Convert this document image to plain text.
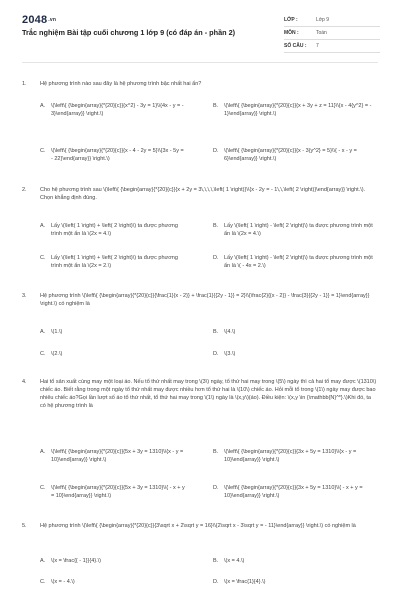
2048.vn
Trắc nghiệm Bài tập cuối chương 1 lớp 9 (có đáp án - phần 2)
LỚP :	Lớp 9
MÔN :	Toán
SỐ CÂU :	7
1.	Hệ phương trình nào sau đây là hệ phương trình bậc nhất hai ẩn?
A. \(\left\{ {\begin{array}{*{20}{c}}{x^2} - 3y = 1}\\{4x - y = - 3}\end{array}} \right.\)
B. \(\left\{ {\begin{array}{*{20}{c}}{x + 3y + z = 11}\\{x - 4{y^2} = - 1}\end{array}} \right.\)
C. \(\left\{ {\begin{array}{*{20}{c}}{x - 4 - 2y = 5}\\{3x - 5y = - 22}\end{array}} \right.\)
D. \(\left\{ {\begin{array}{*{20}{c}}{x - 3{y^2} = 5}\\{ - x - y = 6}\end{array}} \right.\)
2.	Cho hệ phương trình sau \(\left\{ {\begin{array}{*{20}{c}}{x + 2y = 3\,\,\,\,\left( 1 \right)}\\{x - 2y = - 1\,\,\left( 2 \right)}\end{array}} \right.\). Chọn khẳng định đúng.
A. Lấy \(\left( 1 \right) + \left( 2 \right)\) ta được phương trình một ẩn là \(2x = 4.\)
B. Lấy \(\left( 1 \right) - \left( 2 \right)\) ta được phương trình một ẩn là \(2x = 4.\)
C. Lấy \(\left( 1 \right) + \left( 2 \right)\) ta được phương trình một ẩn là \(2x = 2.\)
D. Lấy \(\left( 1 \right) - \left( 2 \right)\) ta được phương trình một ẩn là \( - 4x = 2.\)
3.	Hệ phương trình \(\left\{ {\begin{array}{*{20}{c}}{\frac{1}{x - 2}} + \frac{1}{{2y - 1}} = 2}\\{\frac{2}{{x - 2}} - \frac{3}{{2y - 1}} = 1}\end{array}} \right.\) có nghiệm là
A. \(1.\)	B. \(4.\)
C. \(2.\)	D. \(3.\)
4.	Hai tổ sản xuất cùng may một loại áo. Nếu tổ thứ nhất may trong \(3\) ngày, tổ thứ hai may trong \(5\) ngày thì cả hai tổ may được \(1310\) chiếc áo. Biết rằng trong một ngày tổ thứ nhất may được nhiều hơn tổ thứ hai là \(10\) chiếc áo. Hỏi mỗi tổ trong \(1\) ngày may được bao nhiêu chiếc áo?Gọi lần lượt số áo tổ thứ nhất, tổ thứ hai may trong \(1\) ngày là \(x,y\)(áo). Điều kiện: \(x,y \in {\mathbb{N}^*}.\)Khi đó, ta có hệ phương trình là
A. \(\left\{ {\begin{array}{*{20}{c}}{5x + 3y = 1310}\\{x - y = 10}\end{array}} \right.\)
B. \(\left\{ {\begin{array}{*{20}{c}}{3x + 5y = 1310}\\{x - y = 10}\end{array}} \right.\)
C. \(\left\{ {\begin{array}{*{20}{c}}{5x + 3y = 1310}\\{ - x + y = 10}\end{array}} \right.\)
D. \(\left\{ {\begin{array}{*{20}{c}}{3x + 5y = 1310}\\{ - x + y = 10}\end{array}} \right.\)
5.	Hệ phương trình \(\left\{ {\begin{array}{*{20}{c}}{3\sqrt x + 2\sqrt y = 16}\\{2\sqrt x - 3\sqrt y = - 11}\end{array}} \right.\) có nghiệm là
A. \(x = \frac{{ - 1}}{4}.\)	B. \(x = 4.\)
C. \(x = - 4.\)	D. \(x = \frac{1}{4}.\)
